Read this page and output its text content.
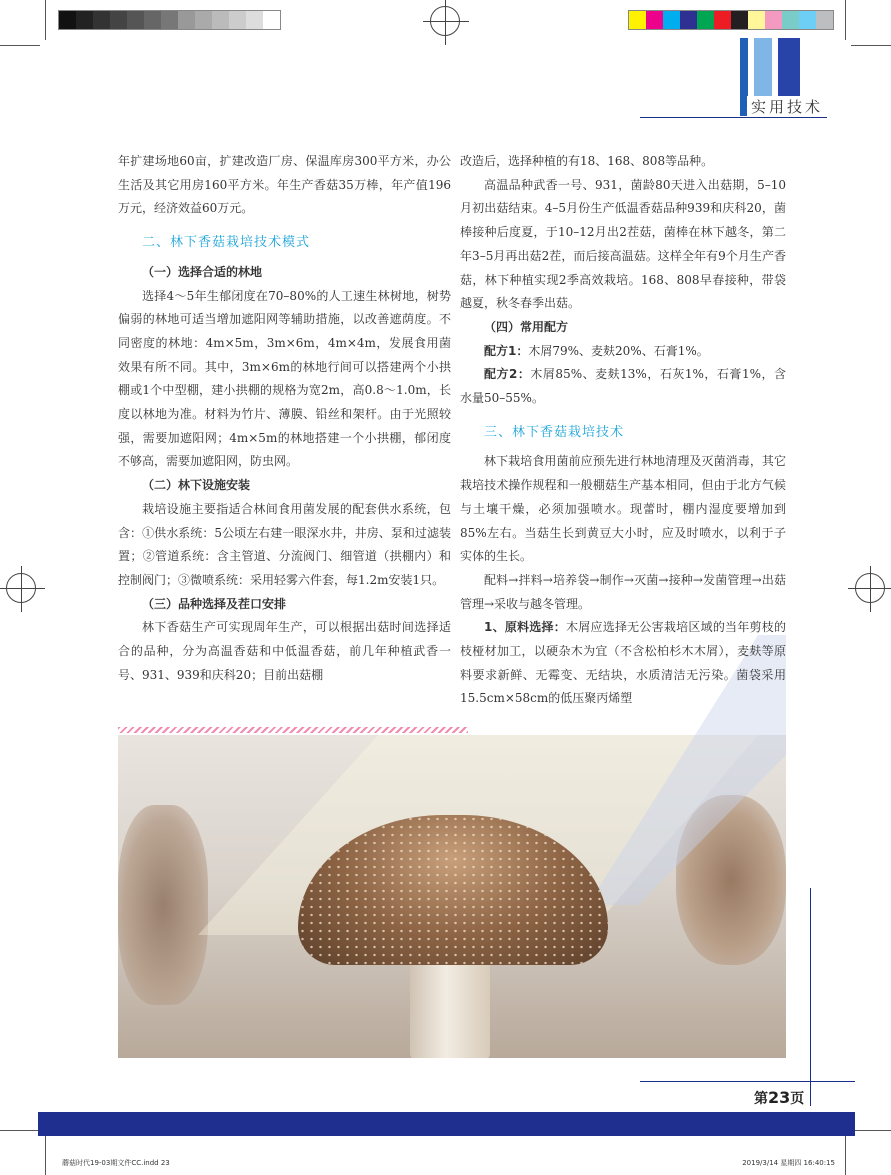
实用技术

年扩建场地60亩，扩建改造厂房、保温库房300平方米，办公生活及其它用房160平方米。年生产香菇35万棒，年产值196万元，经济效益60万元。

二、林下香菇栽培技术模式
（一）选择合适的林地

选择4～5年生郁闭度在70–80%的人工速生林树地，树势偏弱的林地可适当增加遮阳网等辅助措施，以改善遮荫度。不同密度的林地：4m×5m，3m×6m，4m×4m，发展食用菌效果有所不同。其中，3m×6m的林地行间可以搭建两个小拱棚或1个中型棚，建小拱棚的规格为宽2m，高0.8～1.0m，长度以林地为准。材料为竹片、薄膜、铅丝和架杆。由于光照较强，需要加遮阳网；4m×5m的林地搭建一个小拱棚，郁闭度不够高，需要加遮阳网，防虫网。

（二）林下设施安装

栽培设施主要指适合林间食用菌发展的配套供水系统，包含：①供水系统：5公顷左右建一眼深水井，井房、泵和过滤装置；②管道系统：含主管道、分流阀门、细管道（拱棚内）和控制阀门；③微喷系统：采用轻雾六件套，每1.2m安装1只。

（三）品种选择及茬口安排

林下香菇生产可实现周年生产，可以根据出菇时间选择适合的品种，分为高温香菇和中低温香菇，前几年种植武香一号、931、939和庆科20；目前出菇棚

改造后，选择种植的有18、168、808等品种。

高温品种武香一号、931，菌龄80天进入出菇期，5–10月初出菇结束。4–5月份生产低温香菇品种939和庆科20，菌棒接种后度夏，于10–12月出2茬菇，菌棒在林下越冬，第二年3–5月再出菇2茬，而后接高温菇。这样全年有9个月生产香菇，林下种植实现2季高效栽培。168、808早春接种，带袋越夏，秋冬春季出菇。

（四）常用配方

配方1：木屑79%、麦麸20%、石膏1%。

配方2：木屑85%、麦麸13%，石灰1%，石膏1%，含水量50–55%。

三、林下香菇栽培技术

林下栽培食用菌前应预先进行林地清理及灭菌消毒，其它栽培技术操作规程和一般棚菇生产基本相同，但由于北方气候与土壤干燥，必须加强喷水。现蕾时，棚内湿度要增加到85%左右。当菇生长到黄豆大小时，应及时喷水，以利于子实体的生长。

配料→拌料→培养袋→制作→灭菌→接种→发菌管理→出菇管理→采收与越冬管理。

1、原料选择：木屑应选择无公害栽培区域的当年剪枝的枝桠材加工，以硬杂木为宜（不含松柏杉木木屑），麦麸等原料要求新鲜、无霉变、无结块，水质清洁无污染。菌袋采用15.5cm×58cm的低压聚丙烯塑

第23页
蘑菇时代19-03期文件CC.indd 23	2019/3/14 星期四 16:40:15
